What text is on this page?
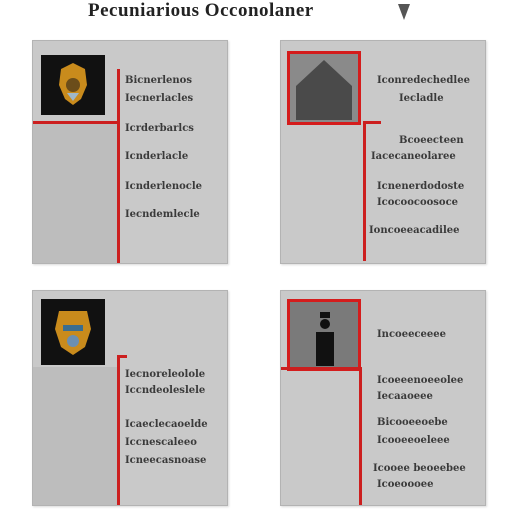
Pecuniarious Occonolaner
Bicnerlenos
Iecnerlacles
Icrderbarlcs
Icnderlacle
Icnderlenocle
Iecndemlecle
Iconredechedlee
Iecladle
Bcoeecteen
Iacecaneolaree
Icnenerdodoste
Icocoocoosoce
Ioncoeeacadilee
Iecnoreleolole
Iccndeoleslele
Icaeclecaoelde
Iccnescaleeo
Icneecasnoase
Incoeeceeee
Icoeeenoeeolee
Iecaaoeee
Bicooeeoebe
Icooeeoeleee
Icooee beoeebee
Icoeoooee
